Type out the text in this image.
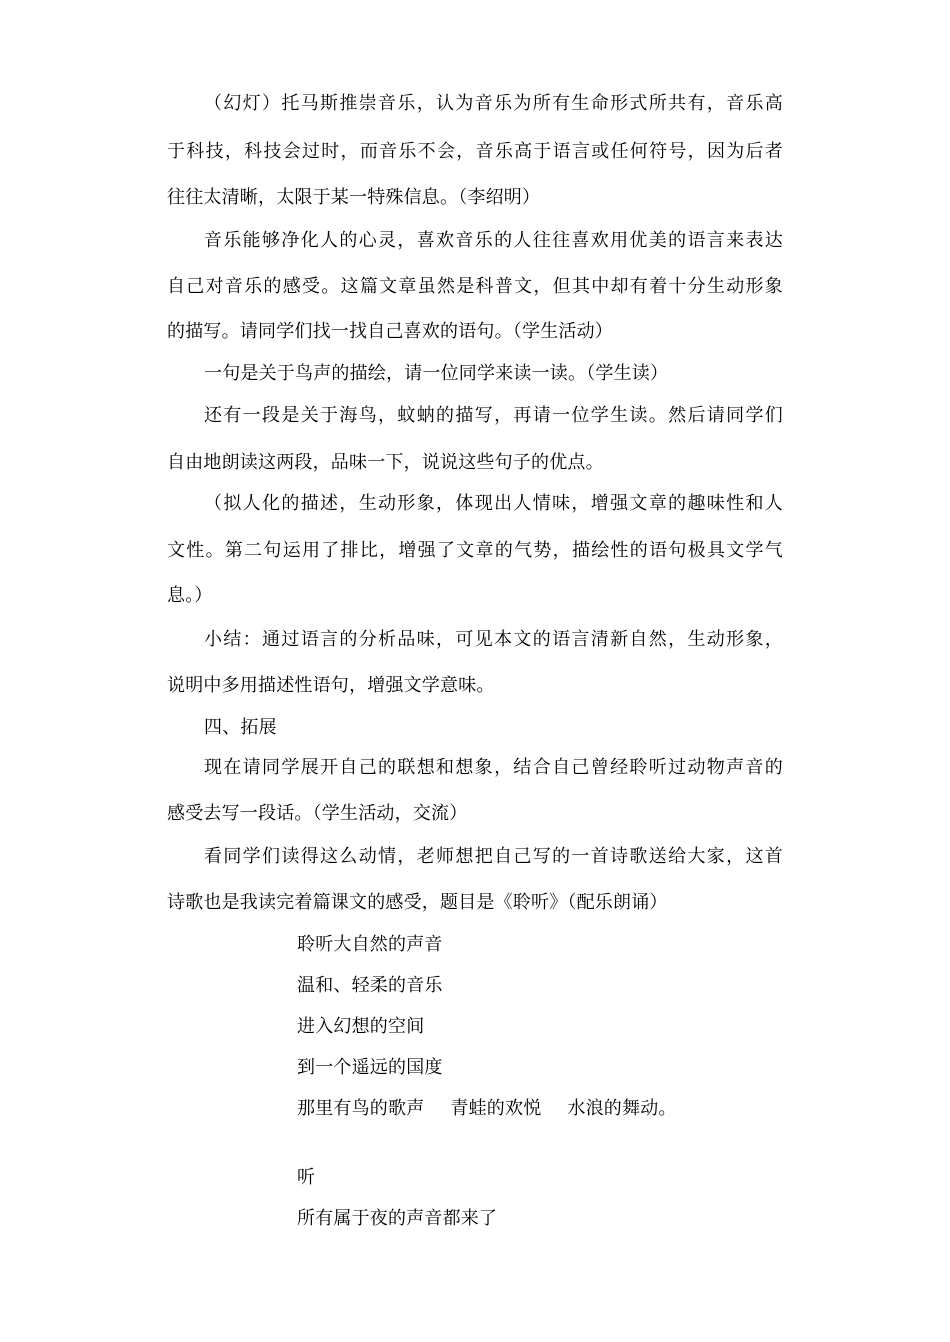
（幻灯）托马斯推崇音乐，认为音乐为所有生命形式所共有，音乐高
于科技，科技会过时，而音乐不会，音乐高于语言或任何符号，因为后者
往往太清晰，太限于某一特殊信息。（李绍明）
音乐能够净化人的心灵，喜欢音乐的人往往喜欢用优美的语言来表达
自己对音乐的感受。这篇文章虽然是科普文，但其中却有着十分生动形象
的描写。请同学们找一找自己喜欢的语句。（学生活动）
一句是关于鸟声的描绘，请一位同学来读一读。（学生读）
还有一段是关于海鸟，蚊蚋的描写，再请一位学生读。然后请同学们
自由地朗读这两段，品味一下，说说这些句子的优点。
（拟人化的描述，生动形象，体现出人情味，增强文章的趣味性和人
文性。第二句运用了排比，增强了文章的气势，描绘性的语句极具文学气
息。）
小结：通过语言的分析品味，可见本文的语言清新自然，生动形象，
说明中多用描述性语句，增强文学意味。
四、拓展
现在请同学展开自己的联想和想象，结合自己曾经聆听过动物声音的
感受去写一段话。（学生活动，交流）
看同学们读得这么动情，老师想把自己写的一首诗歌送给大家，这首
诗歌也是我读完着篇课文的感受，题目是《聆听》（配乐朗诵）
聆听大自然的声音
温和、轻柔的音乐
进入幻想的空间
到一个遥远的国度
那里有鸟的歌声 青蛙的欢悦 水浪的舞动。
听
所有属于夜的声音都来了
